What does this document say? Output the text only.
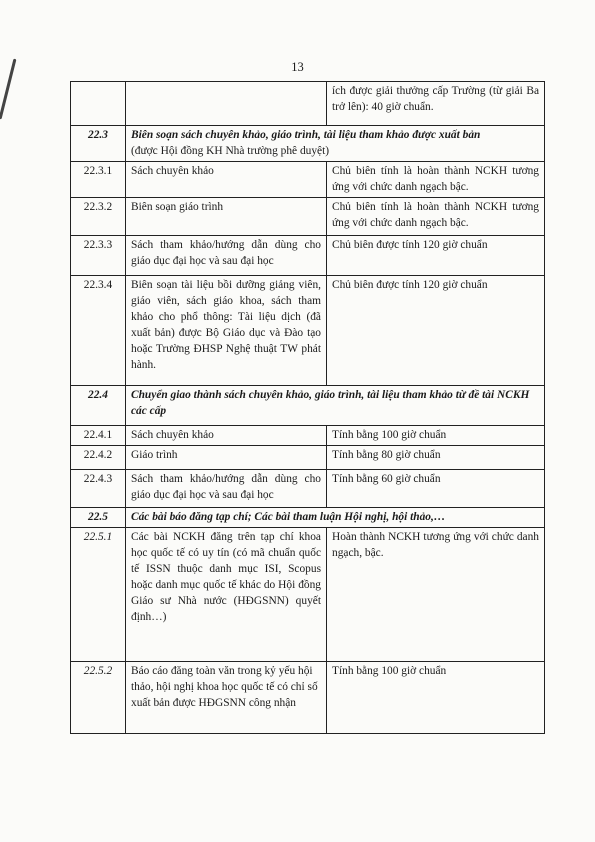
13
		ích được giải thưởng cấp Trường (từ giải Ba trở lên): 40 giờ chuẩn.
22.3	Biên soạn sách chuyên khảo, giáo trình, tài liệu tham khảo được xuất bản
(được Hội đồng KH Nhà trường phê duyệt)	
22.3.1	Sách chuyên khảo	Chủ biên tính là hoàn thành NCKH tương ứng với chức danh ngạch bậc.
22.3.2	Biên soạn giáo trình	Chủ biên tính là hoàn thành NCKH tương ứng với chức danh ngạch bậc.
22.3.3	Sách tham khảo/hướng dẫn dùng cho giáo dục đại học và sau đại học	Chủ biên được tính 120 giờ chuẩn
22.3.4	Biên soạn tài liệu bồi dưỡng giảng viên, giáo viên, sách giáo khoa, sách tham khảo cho phổ thông: Tài liệu dịch (đã xuất bản) được Bộ Giáo dục và Đào tạo hoặc Trường ĐHSP Nghệ thuật TW phát hành.	Chủ biên được tính 120 giờ chuẩn
22.4	Chuyển giao thành sách chuyên khảo, giáo trình, tài liệu tham khảo từ đề tài NCKH các cấp	
22.4.1	Sách chuyên khảo	Tính bằng 100 giờ chuẩn
22.4.2	Giáo trình	Tính bằng 80 giờ chuẩn
22.4.3	Sách tham khảo/hướng dẫn dùng cho giáo dục đại học và sau đại học	Tính bằng 60 giờ chuẩn
22.5	Các bài báo đăng tạp chí; Các bài tham luận Hội nghị, hội thảo,…	
22.5.1	Các bài NCKH đăng trên tạp chí khoa học quốc tế có uy tín (có mã chuẩn quốc tế ISSN thuộc danh mục ISI, Scopus hoặc danh mục quốc tế khác do Hội đồng Giáo sư Nhà nước (HĐGSNN) quyết định…)	Hoàn thành NCKH tương ứng với chức danh ngạch, bậc.
22.5.2	Báo cáo đăng toàn văn trong kỷ yếu hội thảo, hội nghị khoa học quốc tế có chỉ số xuất bản được HĐGSNN công nhận	Tính bằng 100 giờ chuẩn
